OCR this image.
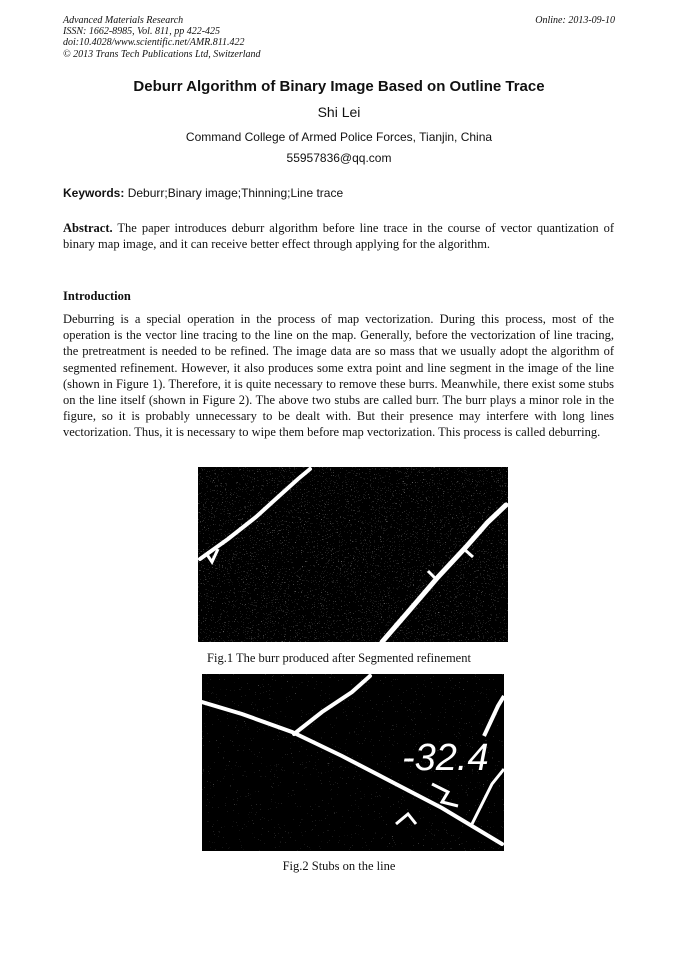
Advanced Materials Research
ISSN: 1662-8985, Vol. 811, pp 422-425
doi:10.4028/www.scientific.net/AMR.811.422
© 2013 Trans Tech Publications Ltd, Switzerland
Online: 2013-09-10
Deburr Algorithm of Binary Image Based on Outline Trace
Shi Lei
Command College of Armed Police Forces, Tianjin, China
55957836@qq.com
Keywords: Deburr;Binary image;Thinning;Line trace
Abstract. The paper introduces deburr algorithm before line trace in the course of vector quantization of binary map image, and it can receive better effect through applying for the algorithm.
Introduction
Deburring is a special operation in the process of map vectorization. During this process, most of the operation is the vector line tracing to the line on the map. Generally, before the vectorization of line tracing, the pretreatment is needed to be refined. The image data are so mass that we usually adopt the algorithm of segmented refinement. However, it also produces some extra point and line segment in the image of the line (shown in Figure 1). Therefore, it is quite necessary to remove these burrs. Meanwhile, there exist some stubs on the line itself (shown in Figure 2). The above two stubs are called burr. The burr plays a minor role in the figure, so it is probably unnecessary to be dealt with. But their presence may interfere with long lines vectorization. Thus, it is necessary to wipe them before map vectorization. This process is called deburring.
Fig.1 The burr produced after Segmented refinement
-32.4
Fig.2 Stubs on the line
